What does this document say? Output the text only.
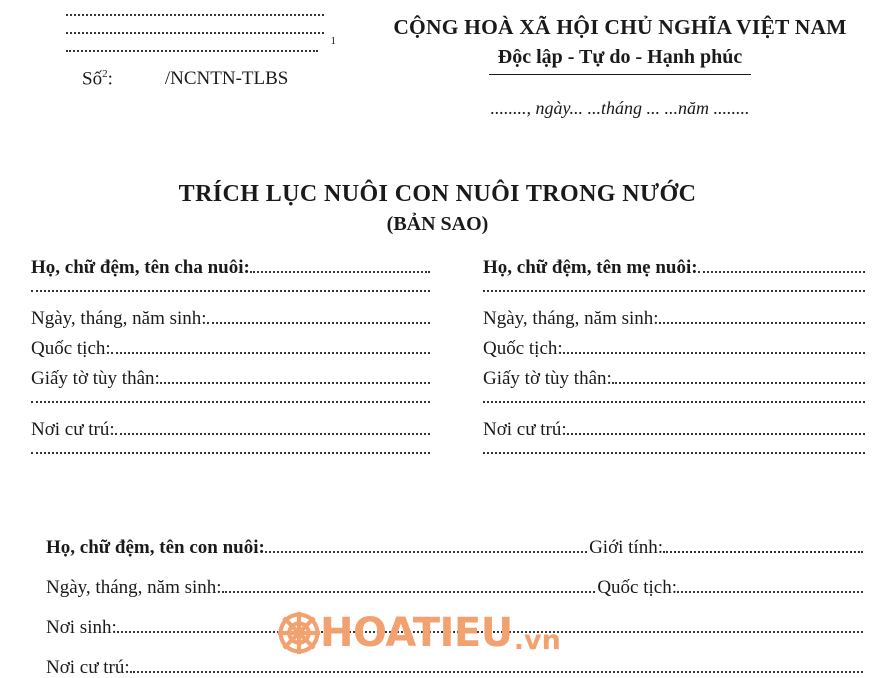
1
Số$^2$:	/NCNTN-TLBS
CỘNG HOÀ XÃ HỘI CHỦ NGHĨA VIỆT NAM
Độc lập - Tự do - Hạnh phúc
........, ngày... ...tháng ... ...năm ........
TRÍCH LỤC NUÔI CON NUÔI TRONG NƯỚC
(BẢN SAO)
Họ, chữ đệm, tên cha nuôi:
Ngày, tháng, năm sinh:
Quốc tịch:
Giấy tờ tùy thân:
Nơi cư trú:
Họ, chữ đệm, tên mẹ nuôi:
Ngày, tháng, năm sinh:
Quốc tịch:
Giấy tờ tùy thân:
Nơi cư trú:
Họ, chữ đệm, tên con nuôi:	Giới tính:
Ngày, tháng, năm sinh:	Quốc tịch:
Nơi sinh:
Nơi cư trú:
HOATIEU .vn
